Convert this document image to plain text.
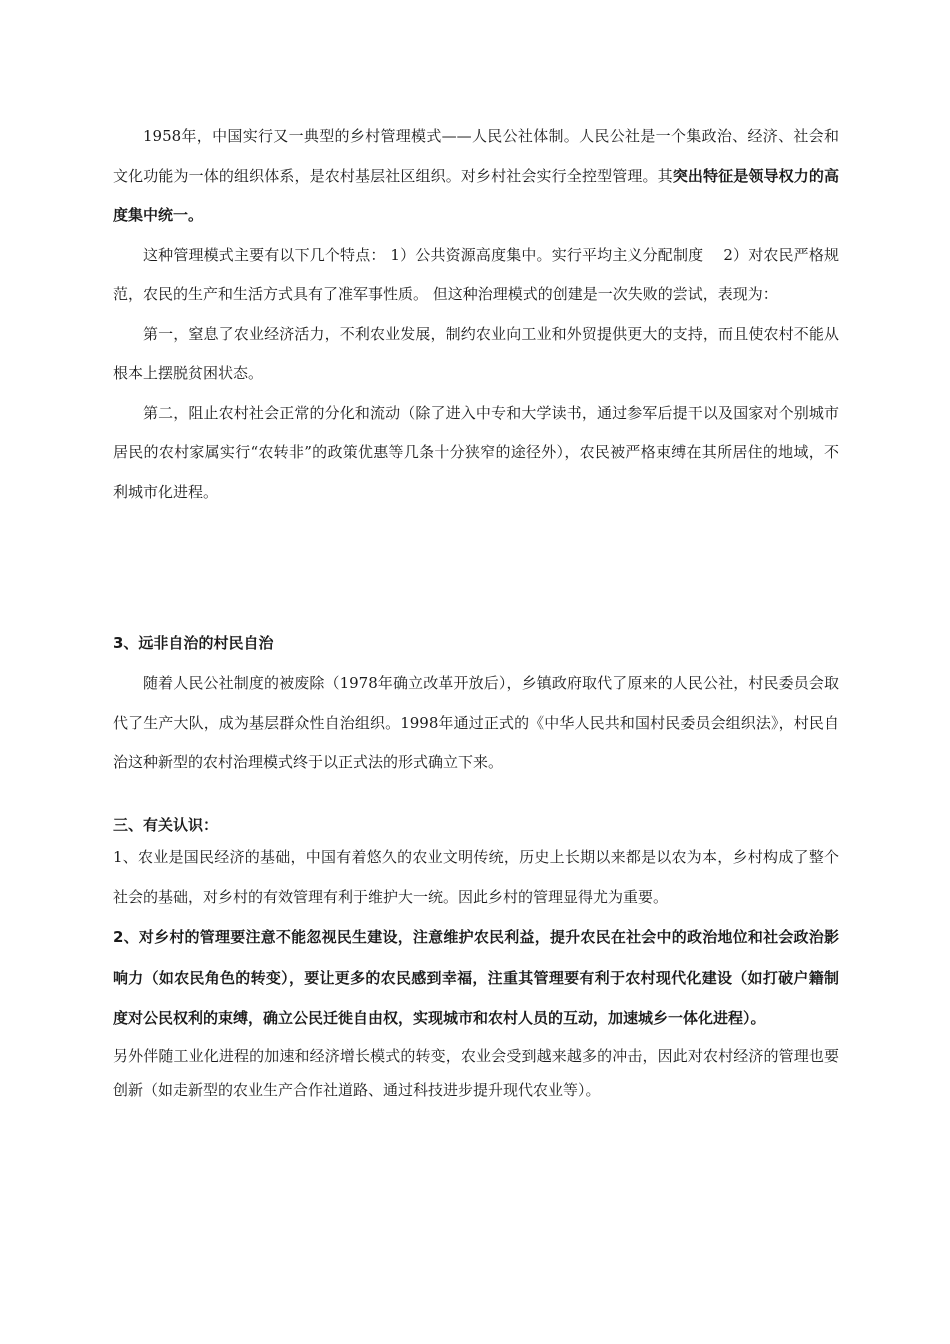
1958年，中国实行又一典型的乡村管理模式——人民公社体制。人民公社是一个集政治、经济、社会和文化功能为一体的组织体系，是农村基层社区组织。对乡村社会实行全控型管理。其突出特征是领导权力的高度集中统一。

这种管理模式主要有以下几个特点： 1）公共资源高度集中。实行平均主义分配制度　 2）对农民严格规范，农民的生产和生活方式具有了准军事性质。 但这种治理模式的创建是一次失败的尝试，表现为：

第一，窒息了农业经济活力，不利农业发展，制约农业向工业和外贸提供更大的支持，而且使农村不能从根本上摆脱贫困状态。

第二，阻止农村社会正常的分化和流动（除了进入中专和大学读书，通过参军后提干以及国家对个别城市居民的农村家属实行“农转非”的政策优惠等几条十分狭窄的途径外），农民被严格束缚在其所居住的地域，不利城市化进程。

3、远非自治的村民自治

随着人民公社制度的被废除（1978年确立改革开放后），乡镇政府取代了原来的人民公社，村民委员会取代了生产大队，成为基层群众性自治组织。1998年通过正式的《中华人民共和国村民委员会组织法》，村民自治这种新型的农村治理模式终于以正式法的形式确立下来。

三、有关认识：

1、农业是国民经济的基础，中国有着悠久的农业文明传统，历史上长期以来都是以农为本，乡村构成了整个社会的基础，对乡村的有效管理有利于维护大一统。因此乡村的管理显得尤为重要。

2、对乡村的管理要注意不能忽视民生建设，注意维护农民利益，提升农民在社会中的政治地位和社会政治影响力（如农民角色的转变），要让更多的农民感到幸福，注重其管理要有利于农村现代化建设（如打破户籍制度对公民权利的束缚，确立公民迁徙自由权，实现城市和农村人员的互动，加速城乡一体化进程）。

另外伴随工业化进程的加速和经济增长模式的转变，农业会受到越来越多的冲击，因此对农村经济的管理也要创新（如走新型的农业生产合作社道路、通过科技进步提升现代农业等）。
